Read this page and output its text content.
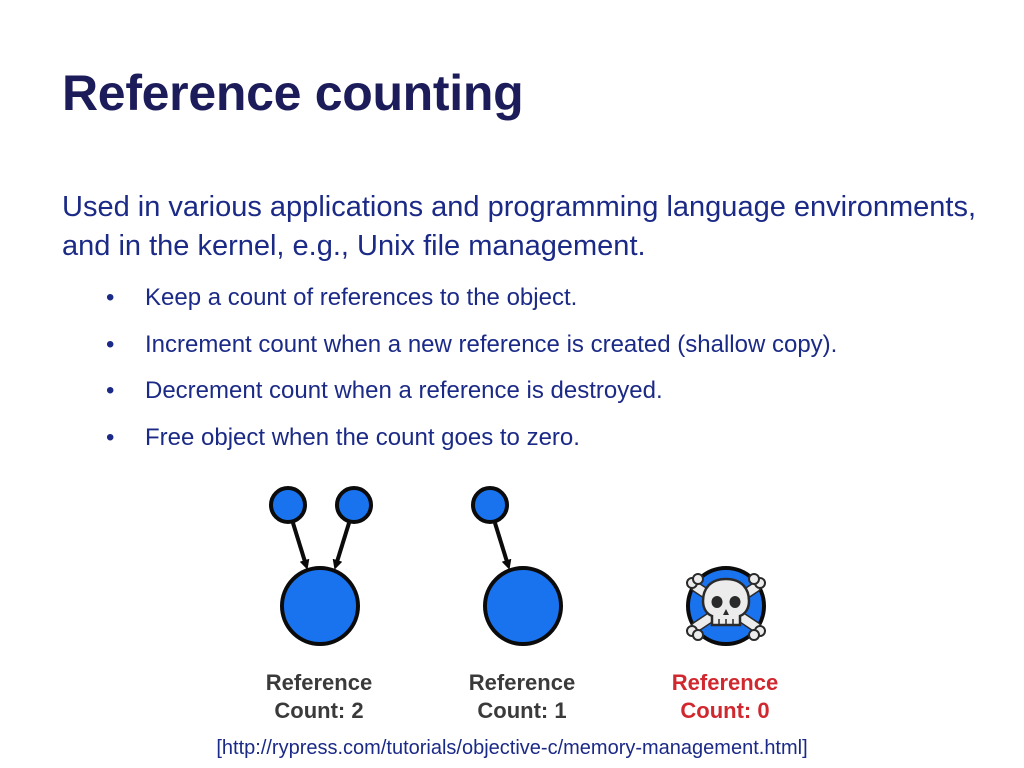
Reference counting

Used in various applications and programming language environments, and in the kernel, e.g., Unix file management.

• Keep a count of references to the object.
• Increment count when a new reference is created (shallow copy).
• Decrement count when a reference is destroyed.
• Free object when the count goes to zero.
Reference
Count: 2
Reference
Count: 1
Reference
Count: 0

[http://rypress.com/tutorials/objective-c/memory-management.html]
